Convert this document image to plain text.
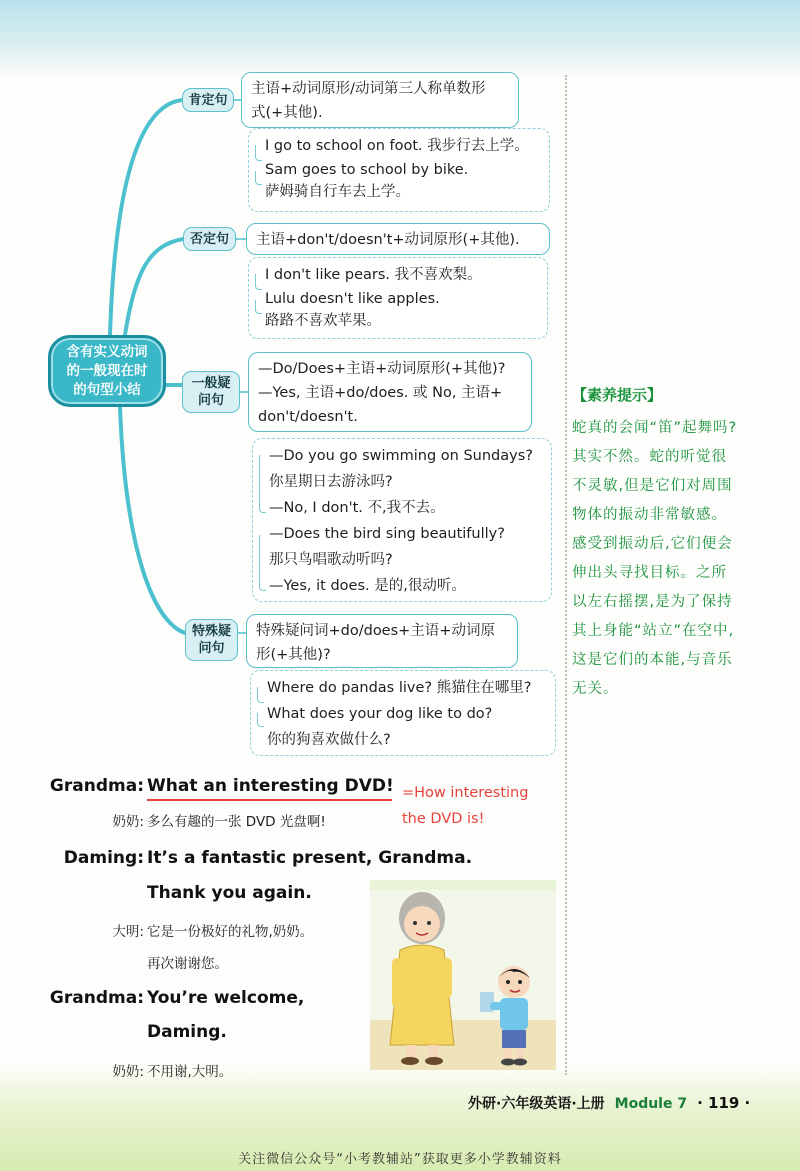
含有实义动词的一般现在时的句型小结
肯定句
主语+动词原形/动词第三人称单数形
式(+其他).
I go to school on foot. 我步行去上学。
Sam goes to school by bike.
萨姆骑自行车去上学。
否定句 主语+don't/doesn't+动词原形(+其他).
I don't like pears. 我不喜欢梨。
Lulu doesn't like apples.
路路不喜欢苹果。
一般疑问句
—Do/Does+主语+动词原形(+其他)?
—Yes, 主语+do/does. 或 No, 主语+
don't/doesn't.
—Do you go swimming on Sundays?
你星期日去游泳吗?
—No, I don't. 不,我不去。
—Does the bird sing beautifully?
那只鸟唱歌动听吗?
—Yes, it does. 是的,很动听。
特殊疑问句
特殊疑问词+do/does+主语+动词原
形(+其他)?
Where do pandas live? 熊猫住在哪里?
What does your dog like to do?
你的狗喜欢做什么?
【素养提示】
蛇真的会闻“笛”起舞吗?其实不然。蛇的听觉很不灵敏,但是它们对周围物体的振动非常敏感。感受到振动后,它们便会伸出头寻找目标。之所以左右摇摆,是为了保持其上身能“站立”在空中,这是它们的本能,与音乐无关。
Grandma: What an interesting DVD!
奶奶: 多么有趣的一张 DVD 光盘啊!
=How interesting
the DVD is!
Daming: It’s a fantastic present, Grandma.
Thank you again.
大明: 它是一份极好的礼物,奶奶。
再次谢谢您。
Grandma: You’re welcome,
Daming.
奶奶: 不用谢,大明。
外研·六年级英语·上册 Module 7 · 119 ·
关注微信公众号“小考教辅站”获取更多小学教辅资料
